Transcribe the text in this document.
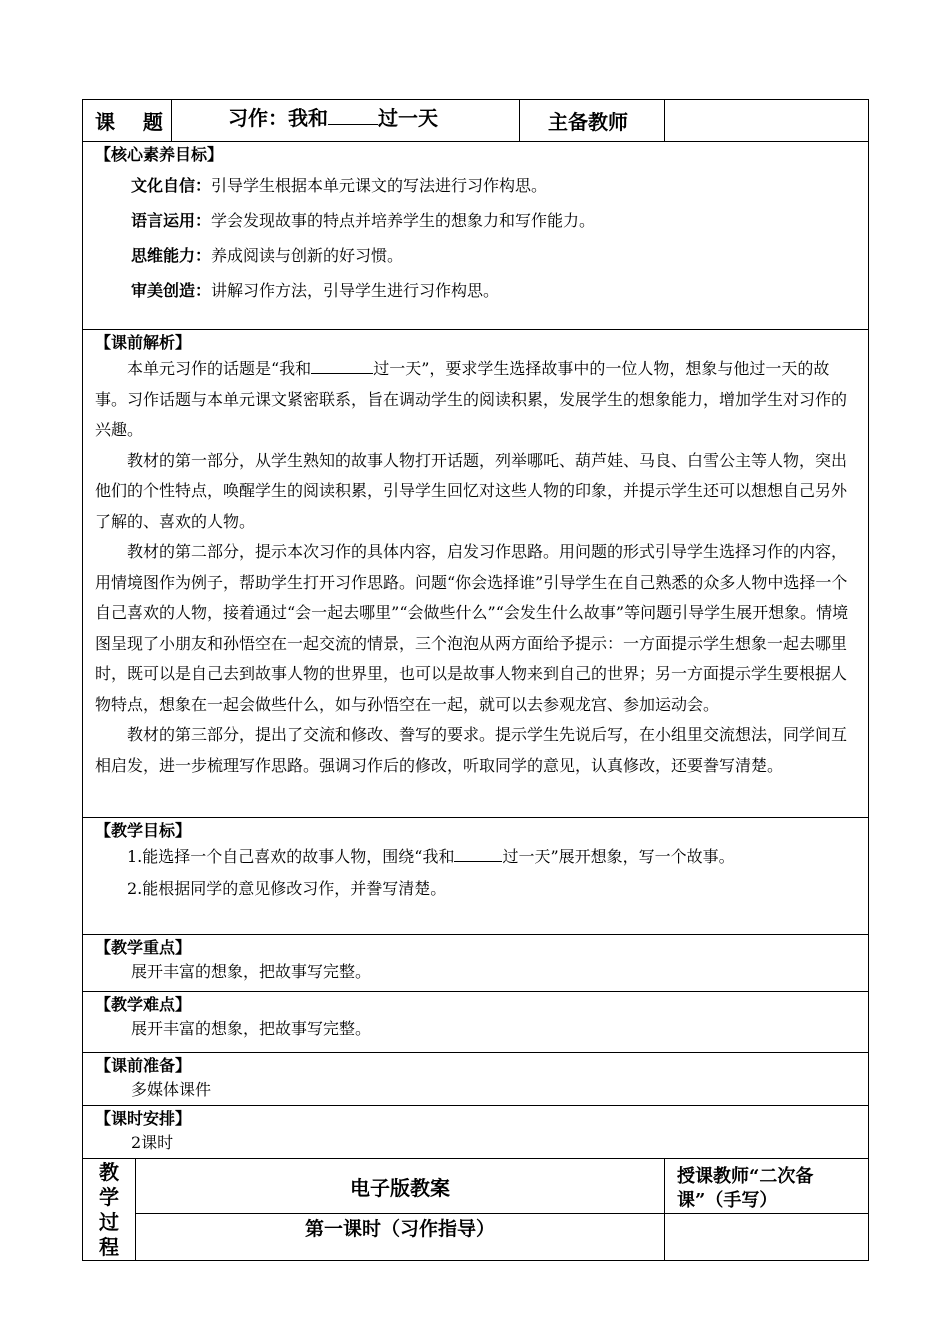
课    题		习作：我和 过一天	主备教师	

【核心素养目标】

文化自信：引导学生根据本单元课文的写法进行习作构思。

语言运用：学会发现故事的特点并培养学生的想象力和写作能力。

思维能力：养成阅读与创新的好习惯。

审美创造：讲解习作方法，引导学生进行习作构思。				

【课前解析】

本单元习作的话题是“我和 过一天”，要求学生选择故事中的一位人物，想象与他过一天的故事。习作话题与本单元课文紧密联系，旨在调动学生的阅读积累，发展学生的想象能力，增加学生对习作的兴趣。

教材的第一部分，从学生熟知的故事人物打开话题，列举哪吒、葫芦娃、马良、白雪公主等人物，突出他们的个性特点，唤醒学生的阅读积累，引导学生回忆对这些人物的印象，并提示学生还可以想想自己另外了解的、喜欢的人物。

教材的第二部分，提示本次习作的具体内容，启发习作思路。用问题的形式引导学生选择习作的内容，用情境图作为例子，帮助学生打开习作思路。问题“你会选择谁”引导学生在自己熟悉的众多人物中选择一个自己喜欢的人物，接着通过“会一起去哪里”“会做些什么”“会发生什么故事”等问题引导学生展开想象。情境图呈现了小朋友和孙悟空在一起交流的情景，三个泡泡从两方面给予提示：一方面提示学生想象一起去哪里时，既可以是自己去到故事人物的世界里，也可以是故事人物来到自己的世界；另一方面提示学生要根据人物特点，想象在一起会做些什么，如与孙悟空在一起，就可以去参观龙宫、参加运动会。

教材的第三部分，提出了交流和修改、誊写的要求。提示学生先说后写，在小组里交流想法，同学间互相启发，进一步梳理写作思路。强调习作后的修改，听取同学的意见，认真修改，还要誊写清楚。				

【教学目标】

1.能选择一个自己喜欢的故事人物，围绕“我和 过一天”展开想象，写一个故事。

2.能根据同学的意见修改习作，并誊写清楚。				

【教学重点】

展开丰富的想象，把故事写完整。				

【教学难点】

展开丰富的想象，把故事写完整。				

【课前准备】

多媒体课件				

【课时安排】

2课时				

教
学
过
程	电子版教案			授课教师“二次备课”（手写）
	第一课时（习作指导）			
